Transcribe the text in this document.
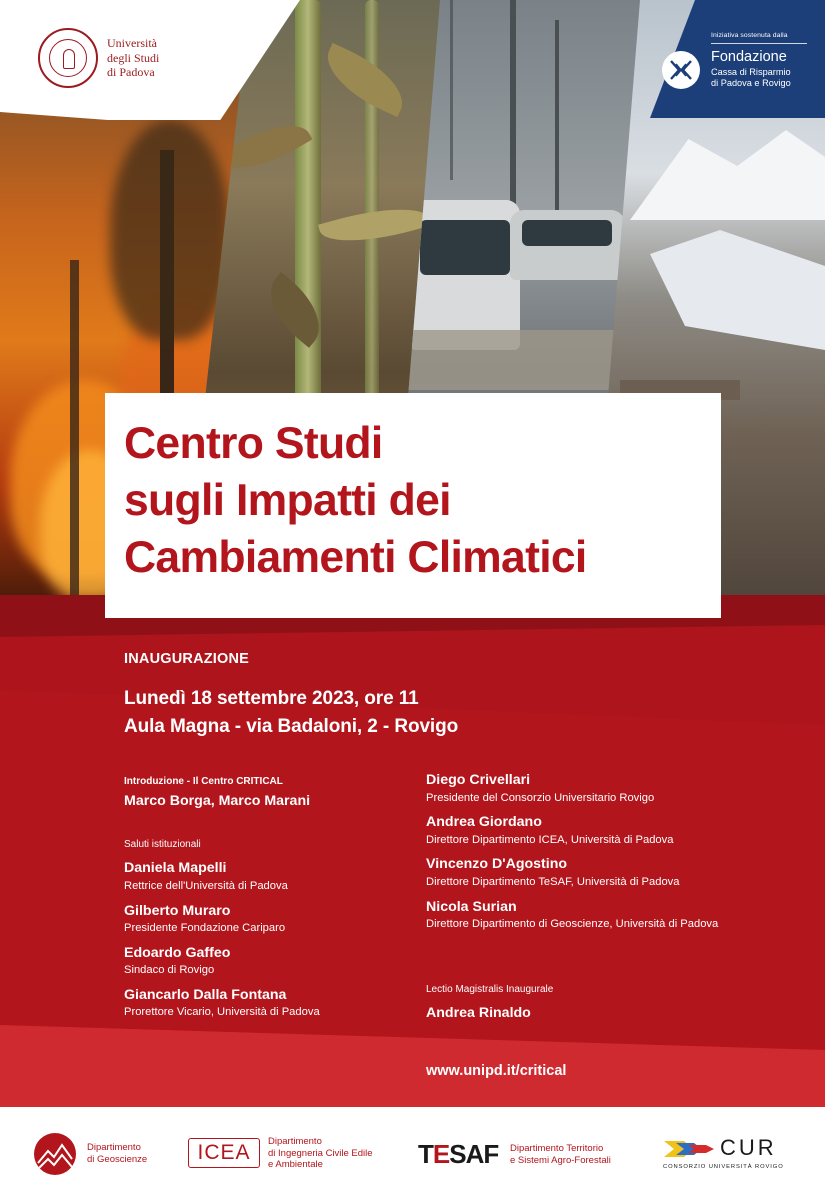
Università
degli Studi
di Padova
Iniziativa sostenuta dalla
Fondazione
Cassa di Risparmio
di Padova e Rovigo
Centro Studi
sugli Impatti dei
Cambiamenti Climatici
INAUGURAZIONE
Lunedì 18 settembre 2023, ore 11
Aula Magna - via Badaloni, 2 - Rovigo
Introduzione - Il Centro CRITICAL
Marco Borga, Marco Marani
Saluti istituzionali
Daniela Mapelli
Rettrice dell'Università di Padova
Gilberto Muraro
Presidente Fondazione Cariparo
Edoardo Gaffeo
Sindaco di Rovigo
Giancarlo Dalla Fontana
Prorettore Vicario, Università di Padova
Diego Crivellari
Presidente del Consorzio Universitario Rovigo
Andrea Giordano
Direttore Dipartimento ICEA, Università di Padova
Vincenzo D'Agostino
Direttore Dipartimento TeSAF, Università di Padova
Nicola Surian
Direttore Dipartimento di Geoscienze, Università di Padova
Lectio Magistralis Inaugurale
Andrea Rinaldo
www.unipd.it/critical
Dipartimento
di Geoscienze	ICEA	Dipartimento
di Ingegneria Civile Edile
e Ambientale	TESAF Dipartimento Territorio
e Sistemi Agro-Forestali	CUR
CONSORZIO UNIVERSITÀ ROVIGO
